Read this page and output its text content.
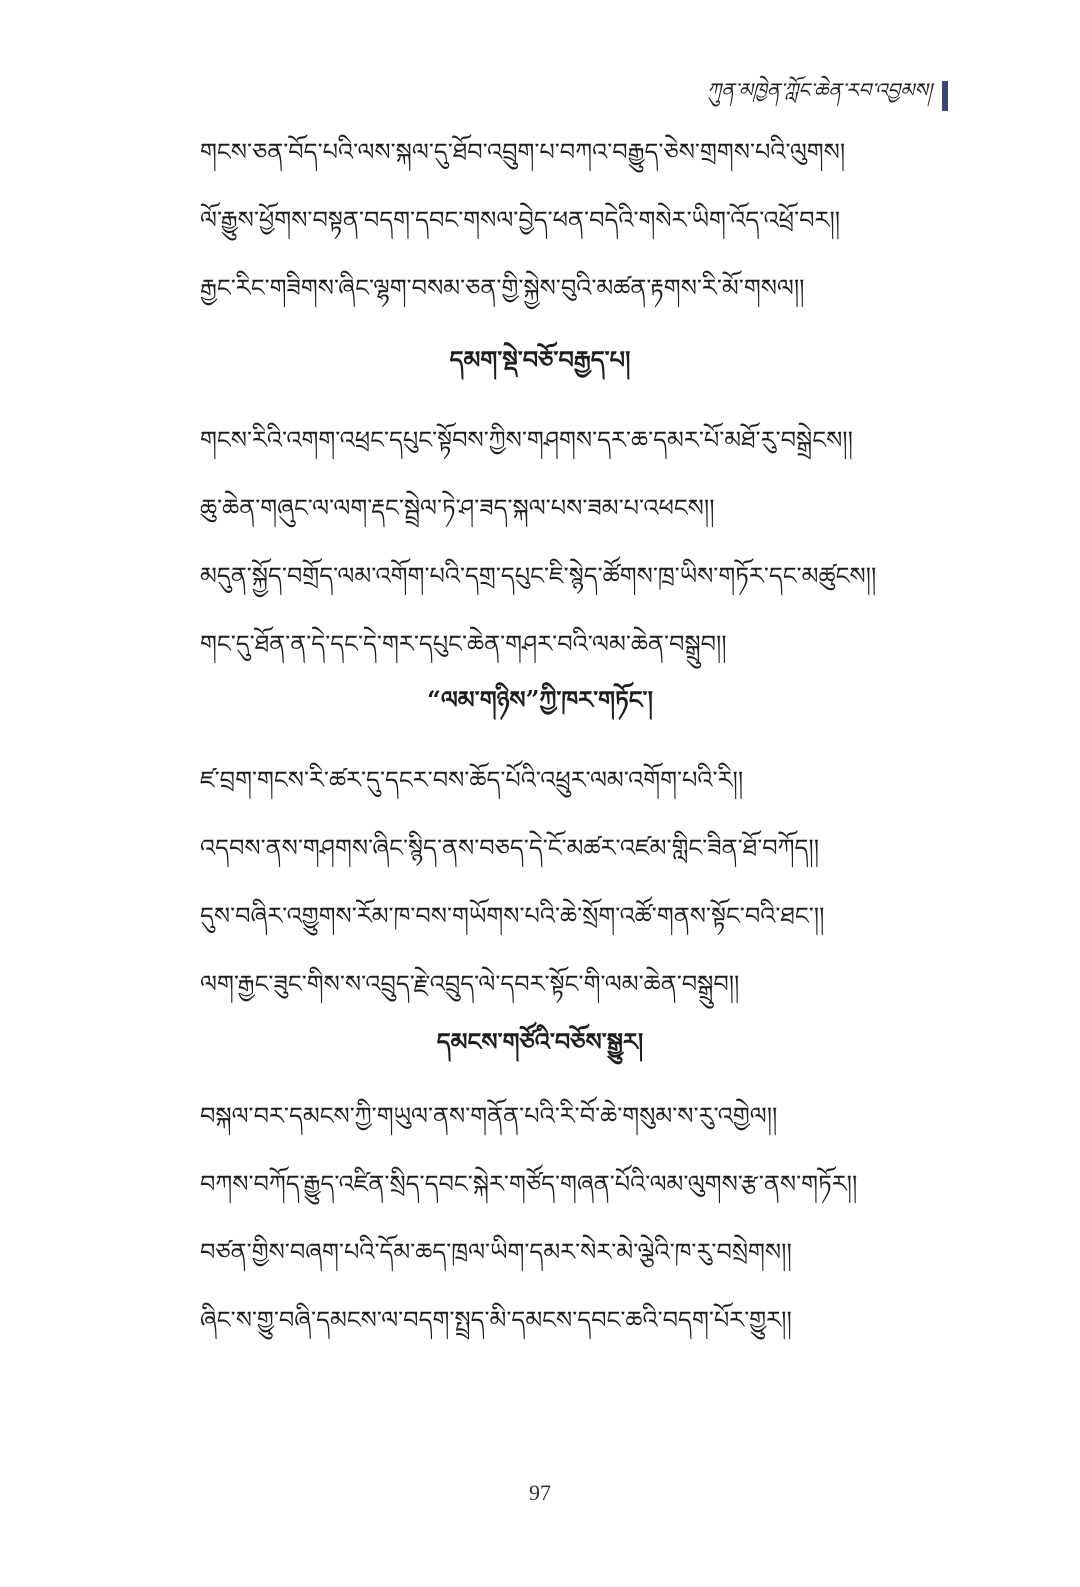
ཀུན་མཁྱེན་ཀློང་ཆེན་རབ་འབྱམས།
གངས་ཅན་བོད་པའི་ལས་སྐལ་དུ་ཐོབ་འབྲུག་པ་བཀའ་བརྒྱུད་ཅེས་གྲགས་པའི་ལུགས།
ལོ་རྒྱུས་ཕྱོགས་བསྟན་བདག་དབང་གསལ་བྱེད་ཕན་བདེའི་གསེར་ཡིག་འོད་འཕྲོ་བར།།
རྒྱང་རིང་གཟིགས་ཞིང་ལྷག་བསམ་ཅན་གྱི་སྐྱེས་བུའི་མཚན་རྟགས་རི་མོ་གསལ།།
དམག་སྡེ་བཅོ་བརྒྱད་པ།
གངས་རིའི་འགག་འཕྲང་དཔུང་སྟོབས་ཀྱིས་གཤགས་དར་ཆ་དམར་པོ་མཐོ་རུ་བསྒྲེངས།།
ཆུ་ཆེན་གཞུང་ལ་ལག་རྡང་སྦྲེལ་ཏེ་ཤ་ཟད་སྐལ་པས་ཟམ་པ་འཕངས།།
མདུན་སྐྱོད་བགྲོད་ལམ་འགོག་པའི་དགྲ་དཔུང་ཇི་སྙེད་ཚོགས་ཁྲ་ཡིས་གཏོར་དང་མཚུངས།།
གང་དུ་ཐོན་ན་དེ་དང་དེ་གར་དཔུང་ཆེན་གཤར་བའི་ལམ་ཆེན་བསྒྲུབ།།
“ལམ་གཉིས”ཀྱི་ཁར་གཏོང་།
ཛ་བྲག་གངས་རི་ཚར་དུ་དངར་བས་ཆོད་པོའི་འཕྲུར་ལམ་འགོག་པའི་རི།།
འདབས་ནས་གཤགས་ཞིང་སྙིད་ནས་བཅད་དེ་ངོ་མཚར་འཛམ་གླིང་ཟིན་ཐོ་བཀོད།།
དུས་བཞིར་འགྱུགས་རོམ་ཁ་བས་གཡོགས་པའི་ཆེ་སྲོག་འཚོ་གནས་སྟོང་བའི་ཐང་།།
ལག་རྒྱང་ཟུང་གིས་ས་འབྲུད་རྗེ་འབྲུད་ལེ་དབར་སྟོང་གི་ལམ་ཆེན་བསྒྲུབ།།
དམངས་གཙོའི་བཅོས་སྒྱུར།
བསྐལ་བར་དམངས་ཀྱི་གཡུལ་ནས་གནོན་པའི་རི་བོ་ཆེ་གསུམ་ས་རུ་འགྱེལ།།
བཀས་བཀོད་རྒྱུད་འཛིན་སྲིད་དབང་སྐེར་གཙོད་གཞན་པོའི་ལམ་ལུགས་རྩ་ནས་གཏོར།།
བཙན་གྱིས་བཞག་པའི་དོམ་ཆད་ཁྲལ་ཡིག་དམར་སེར་མེ་ལྕེའི་ཁ་རུ་བསྲེགས།།
ཞིང་ས་གྱུ་བཞི་དམངས་ལ་བདག་སྤྲད་མི་དམངས་དབང་ཆའི་བདག་པོར་གྱུར།།
97
